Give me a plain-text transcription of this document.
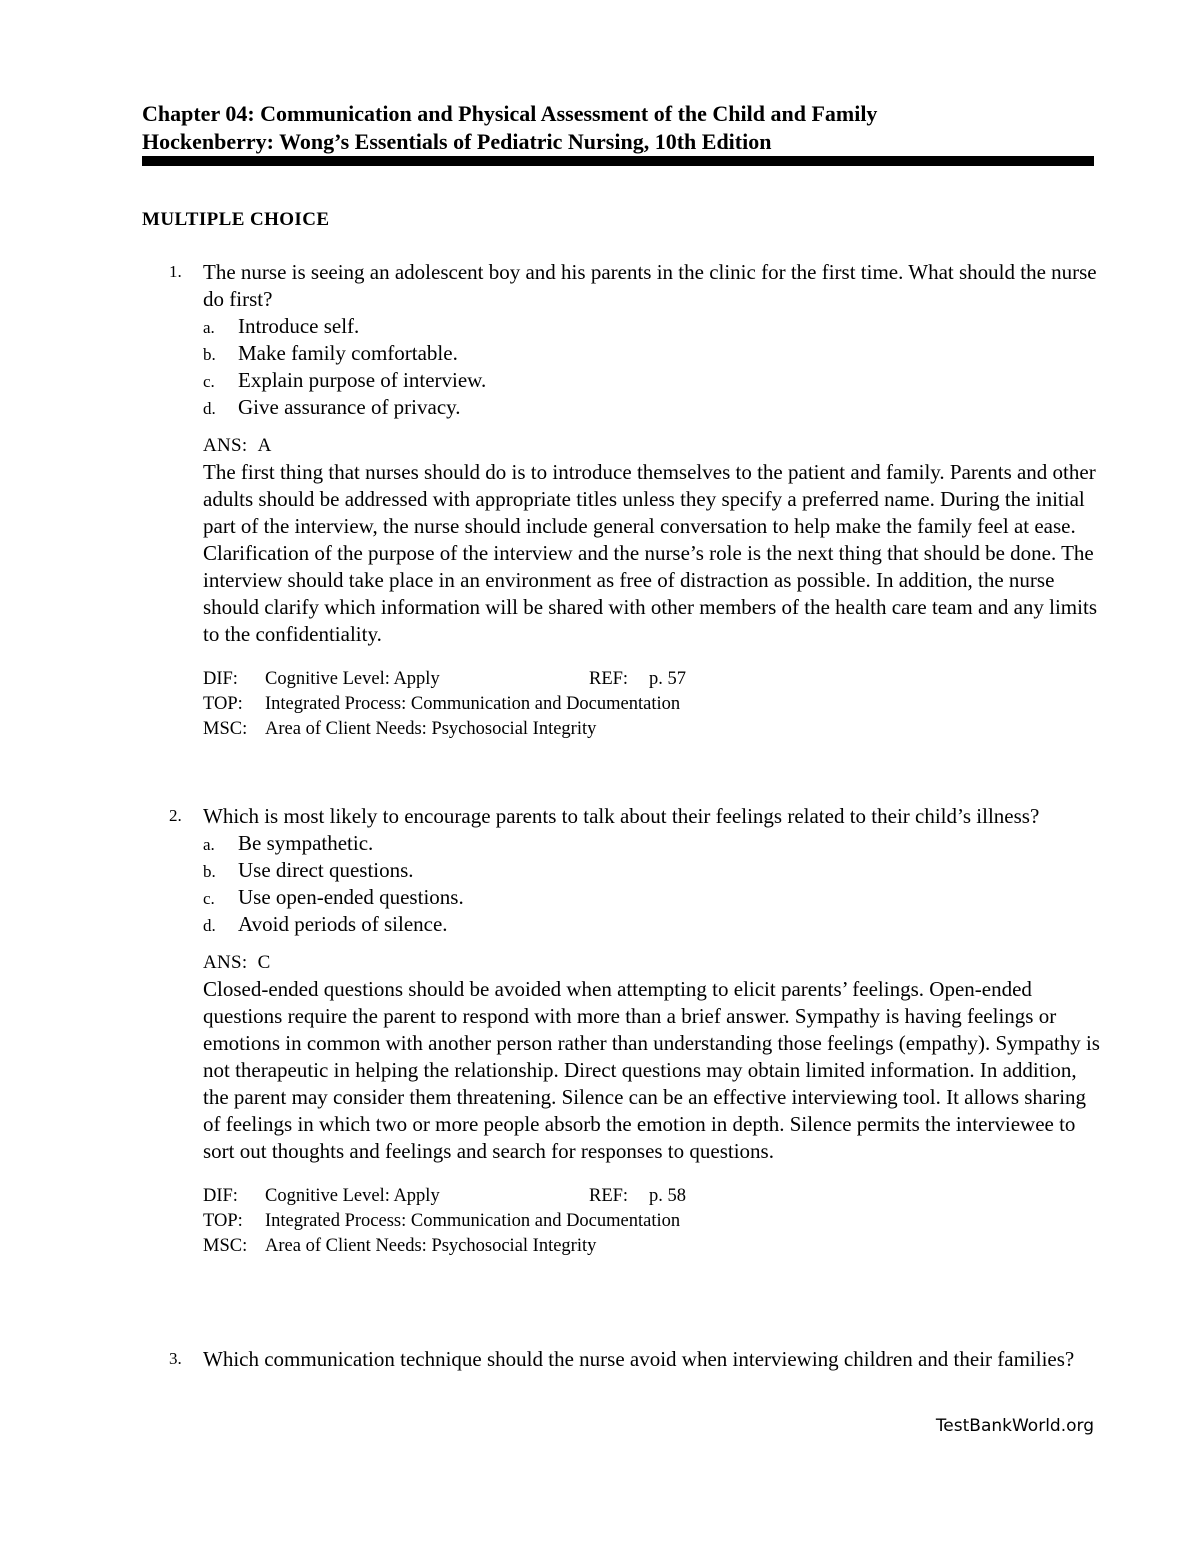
Chapter 04: Communication and Physical Assessment of the Child and Family
Hockenberry: Wong’s Essentials of Pediatric Nursing, 10th Edition
MULTIPLE CHOICE
1. The nurse is seeing an adolescent boy and his parents in the clinic for the first time. What should the nurse do first?
a. Introduce self.
b. Make family comfortable.
c. Explain purpose of interview.
d. Give assurance of privacy.
ANS: A
The first thing that nurses should do is to introduce themselves to the patient and family. Parents and other adults should be addressed with appropriate titles unless they specify a preferred name. During the initial part of the interview, the nurse should include general conversation to help make the family feel at ease. Clarification of the purpose of the interview and the nurse’s role is the next thing that should be done. The interview should take place in an environment as free of distraction as possible. In addition, the nurse should clarify which information will be shared with other members of the health care team and any limits to the confidentiality.
DIF: Cognitive Level: Apply	REF: p. 57
TOP: Integrated Process: Communication and Documentation
MSC: Area of Client Needs: Psychosocial Integrity
2. Which is most likely to encourage parents to talk about their feelings related to their child’s illness?
a. Be sympathetic.
b. Use direct questions.
c. Use open-ended questions.
d. Avoid periods of silence.
ANS: C
Closed-ended questions should be avoided when attempting to elicit parents’ feelings. Open-ended questions require the parent to respond with more than a brief answer. Sympathy is having feelings or emotions in common with another person rather than understanding those feelings (empathy). Sympathy is not therapeutic in helping the relationship. Direct questions may obtain limited information. In addition, the parent may consider them threatening. Silence can be an effective interviewing tool. It allows sharing of feelings in which two or more people absorb the emotion in depth. Silence permits the interviewee to sort out thoughts and feelings and search for responses to questions.
DIF: Cognitive Level: Apply	REF: p. 58
TOP: Integrated Process: Communication and Documentation
MSC: Area of Client Needs: Psychosocial Integrity
3. Which communication technique should the nurse avoid when interviewing children and their families?
TestBankWorld.org
